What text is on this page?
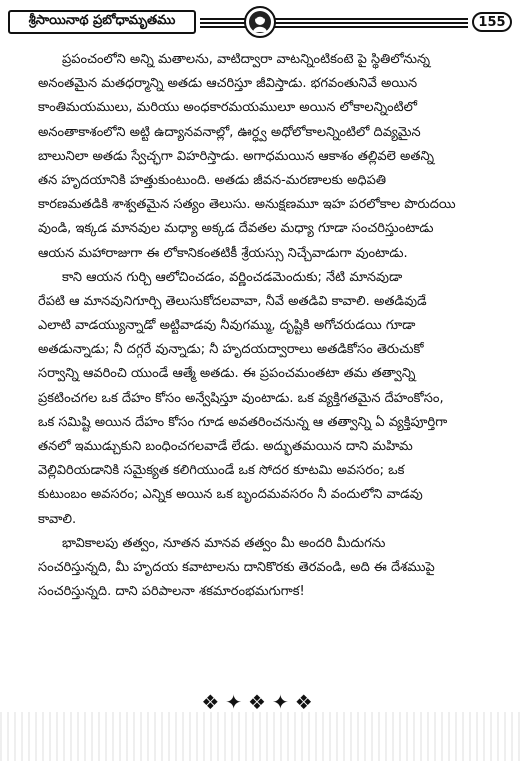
శ్రీసాయినాథ ప్రబోధామృతము	155

ప్రపంచంలోని అన్ని మతాలను, వాటిద్వారా వాటన్నింటికంటె పై స్థితిలోనున్న

అనంతమైన మతధర్మాన్ని అతడు ఆచరిస్తూ జీవిస్తాడు. భగవంతునివే అయిన

కాంతిమయములు, మరియు అంధకారమయములూ అయిన లోకాలన్నింటిలో

అనంతాకాశంలోని అట్టి ఉద్యానవనాల్లో, ఊర్ధ్వ అధోలోకాలన్నింటిలో దివ్యమైన

బాలునిలా అతడు స్వేచ్ఛగా విహరిస్తాడు. అగాధమయిన ఆకాశం తల్లివలె అతన్ని

తన హృదయానికి హత్తుకుంటుంది. అతడు జీవన-మరణాలకు అధిపతి

కారణమతడికి శాశ్వతమైన సత్యం తెలుసు. అనుక్షణమూ ఇహ పరలోకాల పొరుదయి

వుండి, ఇక్కడ మానవుల మధ్యా అక్కడ దేవతల మధ్యా గూడా సంచరిస్తుంటాడు

ఆయన మహారాజుగా ఈ లోకానికంతటికీ శ్రేయస్సు నిచ్చేవాడుగా వుంటాడు.

కాని ఆయన గుర్చి ఆలోచించడం, వర్ణించడమెందుకు; నేటి మానవుడా

రేపటి ఆ మానవునిగూర్చి తెలుసుకోదలవావా, నీవే అతడివి కావాలి. అతడివుడే

ఎలాటి వాడయ్యున్నాడో అట్టివాడవు నీవుగమ్ము, దృష్టికి అగోచరుడయి గూడా

అతడున్నాడు; నీ దగ్గరే వున్నాడు; నీ హృదయద్వారాలు అతడికోసం తెరుచుకో

సర్వాన్ని ఆవరించి యుండే ఆత్మే అతడు. ఈ ప్రపంచమంతటా తమ తత్వాన్ని

ప్రకటించగల ఒక దేహం కోసం అన్వేషిస్తూ వుంటాడు. ఒక వ్యక్తిగతమైన దేహంకోసం,

ఒక సమిష్టి అయిన దేహం కోసం గూడ అవతరించనున్న ఆ తత్వాన్ని ఏ వ్యక్తిపూర్తిగా

తనలో ఇముడ్చుకుని బంధించగలవాడే లేడు. అద్భుతమయిన దాని మహిమ

వెల్లివిరియడానికి సమైక్యత కలిగియుండే ఒక సోదర కూటమి అవసరం; ఒక

కుటుంబం అవసరం; ఎన్నిక అయిన ఒక బృందమవసరం నీ వందులోని వాడవు

కావాలి.

భావికాలపు తత్వం, నూతన మానవ తత్వం మీ అందరి మీదుగను

సంచరిస్తున్నది, మీ హృదయ కవాటాలను దానికొరకు తెరవండి, అది ఈ దేశముపై

సంచరిస్తున్నది. దాని పరిపాలనా శకమారంభమగుగాక!

❖✦❖✦❖
